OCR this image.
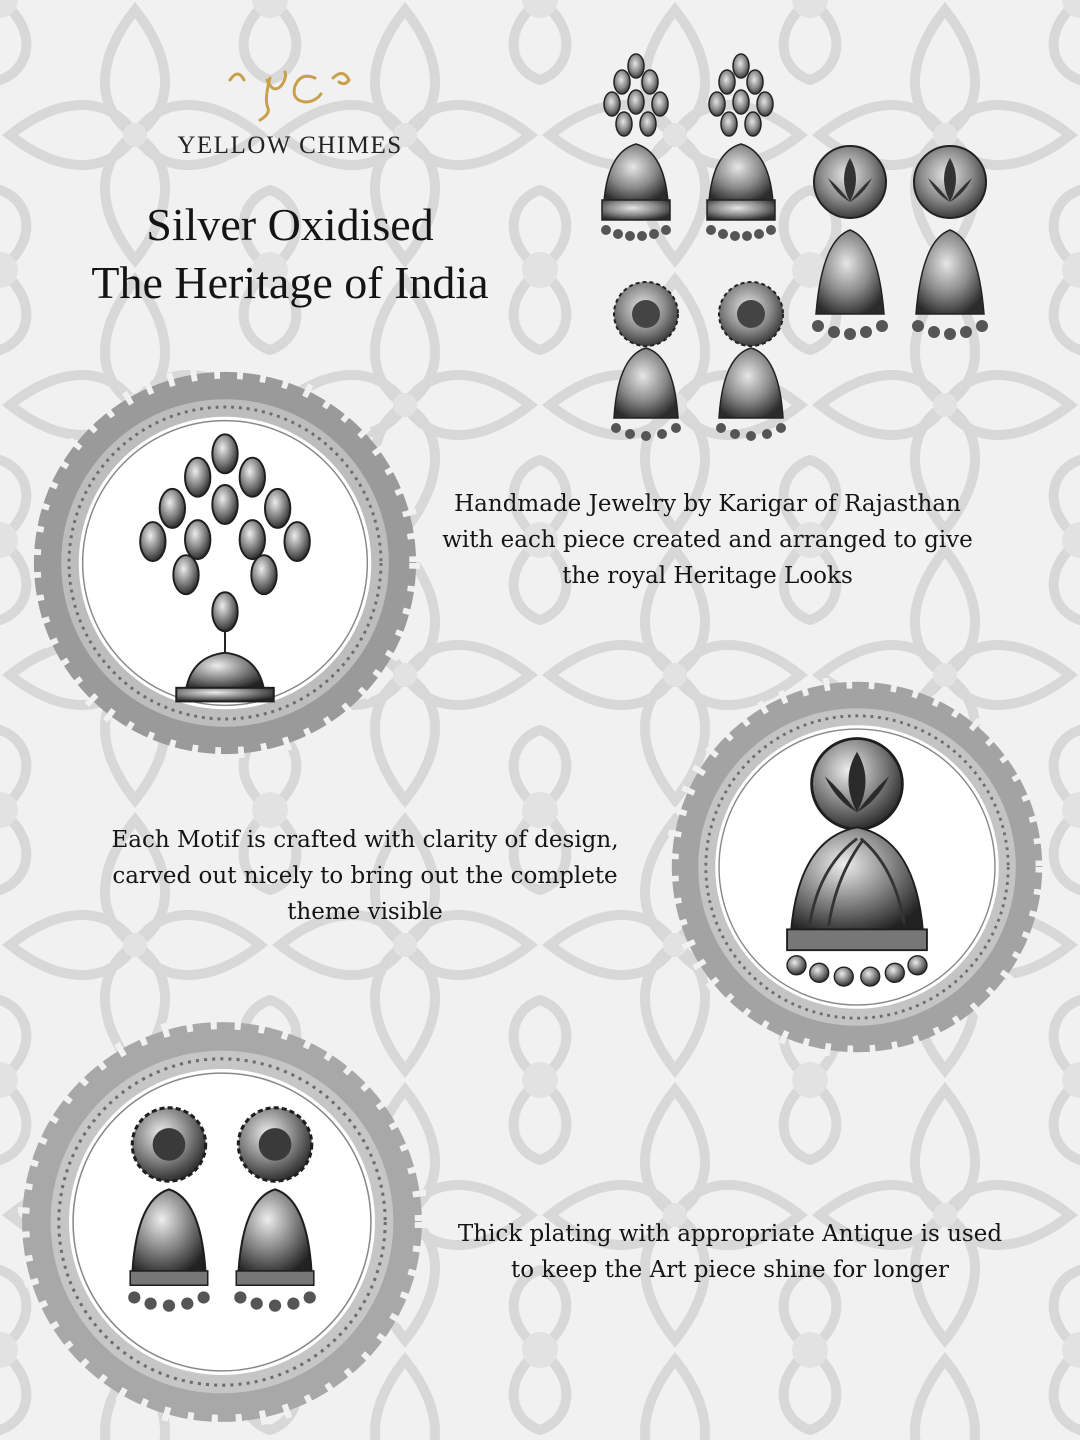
YELLOW CHIMES
Silver Oxidised
The Heritage of India
Handmade Jewelry by Karigar of Rajasthan
with each piece created and arranged to give
the royal Heritage Looks
Each Motif is crafted with clarity of design,
carved out nicely to bring out the complete
theme visible
Thick plating with appropriate Antique is used
to keep the Art piece shine for longer
